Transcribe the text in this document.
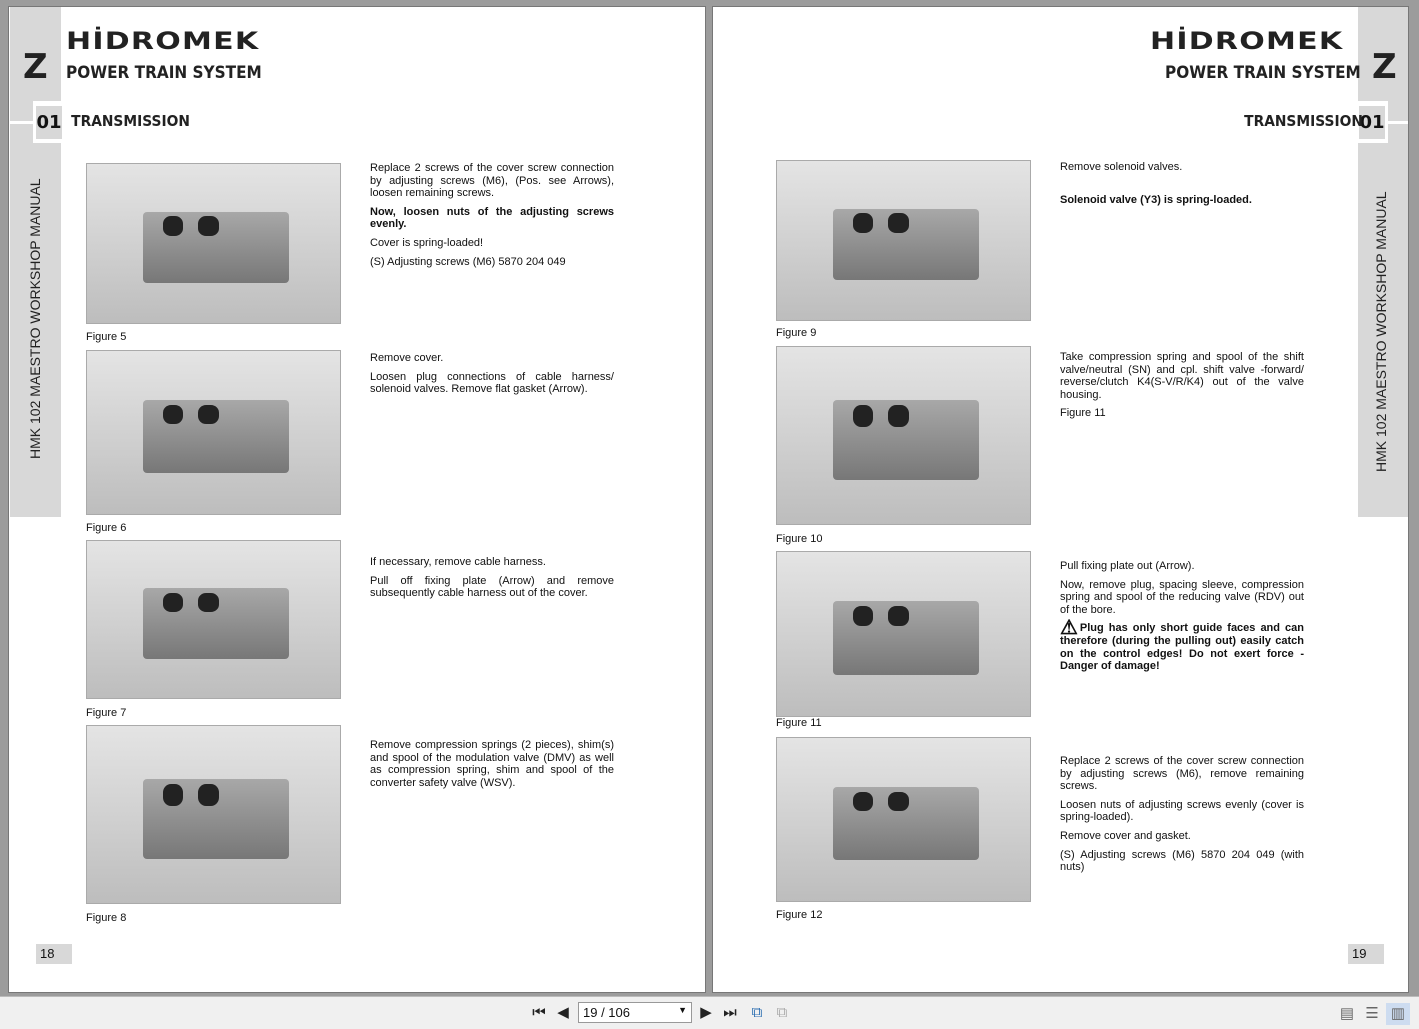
HMK 102 MAESTRO WORKSHOP MANUAL
Z
HİDROMEK
POWER TRAIN SYSTEM
01 TRANSMISSION
18
Figure 5

Replace 2 screws of the cover screw connection by adjusting screws (M6), (Pos. see Arrows), loosen remaining screws.

Now, loosen nuts of the adjusting screws evenly.

Cover is spring-loaded!

(S) Adjusting screws (M6) 5870 204 049

Figure 6

Remove cover.

Loosen plug connections of cable harness/ solenoid valves. Remove flat gasket (Arrow).

Figure 7

If necessary, remove cable harness.

Pull off fixing plate (Arrow) and remove subsequently cable harness out of the cover.

Figure 8

Remove compression springs (2 pieces), shim(s) and spool of the modulation valve (DMV) as well as compression spring, shim and spool of the converter safety valve (WSV).

HMK 102 MAESTRO WORKSHOP MANUAL
Z
HİDROMEK
POWER TRAIN SYSTEM
01
TRANSMISSION
19
Figure 9

Remove solenoid valves.

Solenoid valve (Y3) is spring-loaded.

Figure 10

Take compression spring and spool of the shift valve/neutral (SN) and cpl. shift valve -forward/ reverse/clutch K4(S-V/R/K4) out of the valve housing.

Figure 11

Figure 11

Pull fixing plate out (Arrow).

Now, remove plug, spacing sleeve, compression spring and spool of the reducing valve (RDV) out of the bore.

⚠Plug has only short guide faces and can therefore (during the pulling out) easily catch on the control edges! Do not exert force - Danger of damage!

Figure 12

Replace 2 screws of the cover screw connection by adjusting screws (M6), remove remaining screws.

Loosen nuts of adjusting screws evenly (cover is spring-loaded).

Remove cover and gasket.

(S) Adjusting screws (M6) 5870 204 049 (with nuts)

⏮ ◀	19 / 106	▼ ▶ ⏭ ⧉ ⧉	▤ ☰ ▥
